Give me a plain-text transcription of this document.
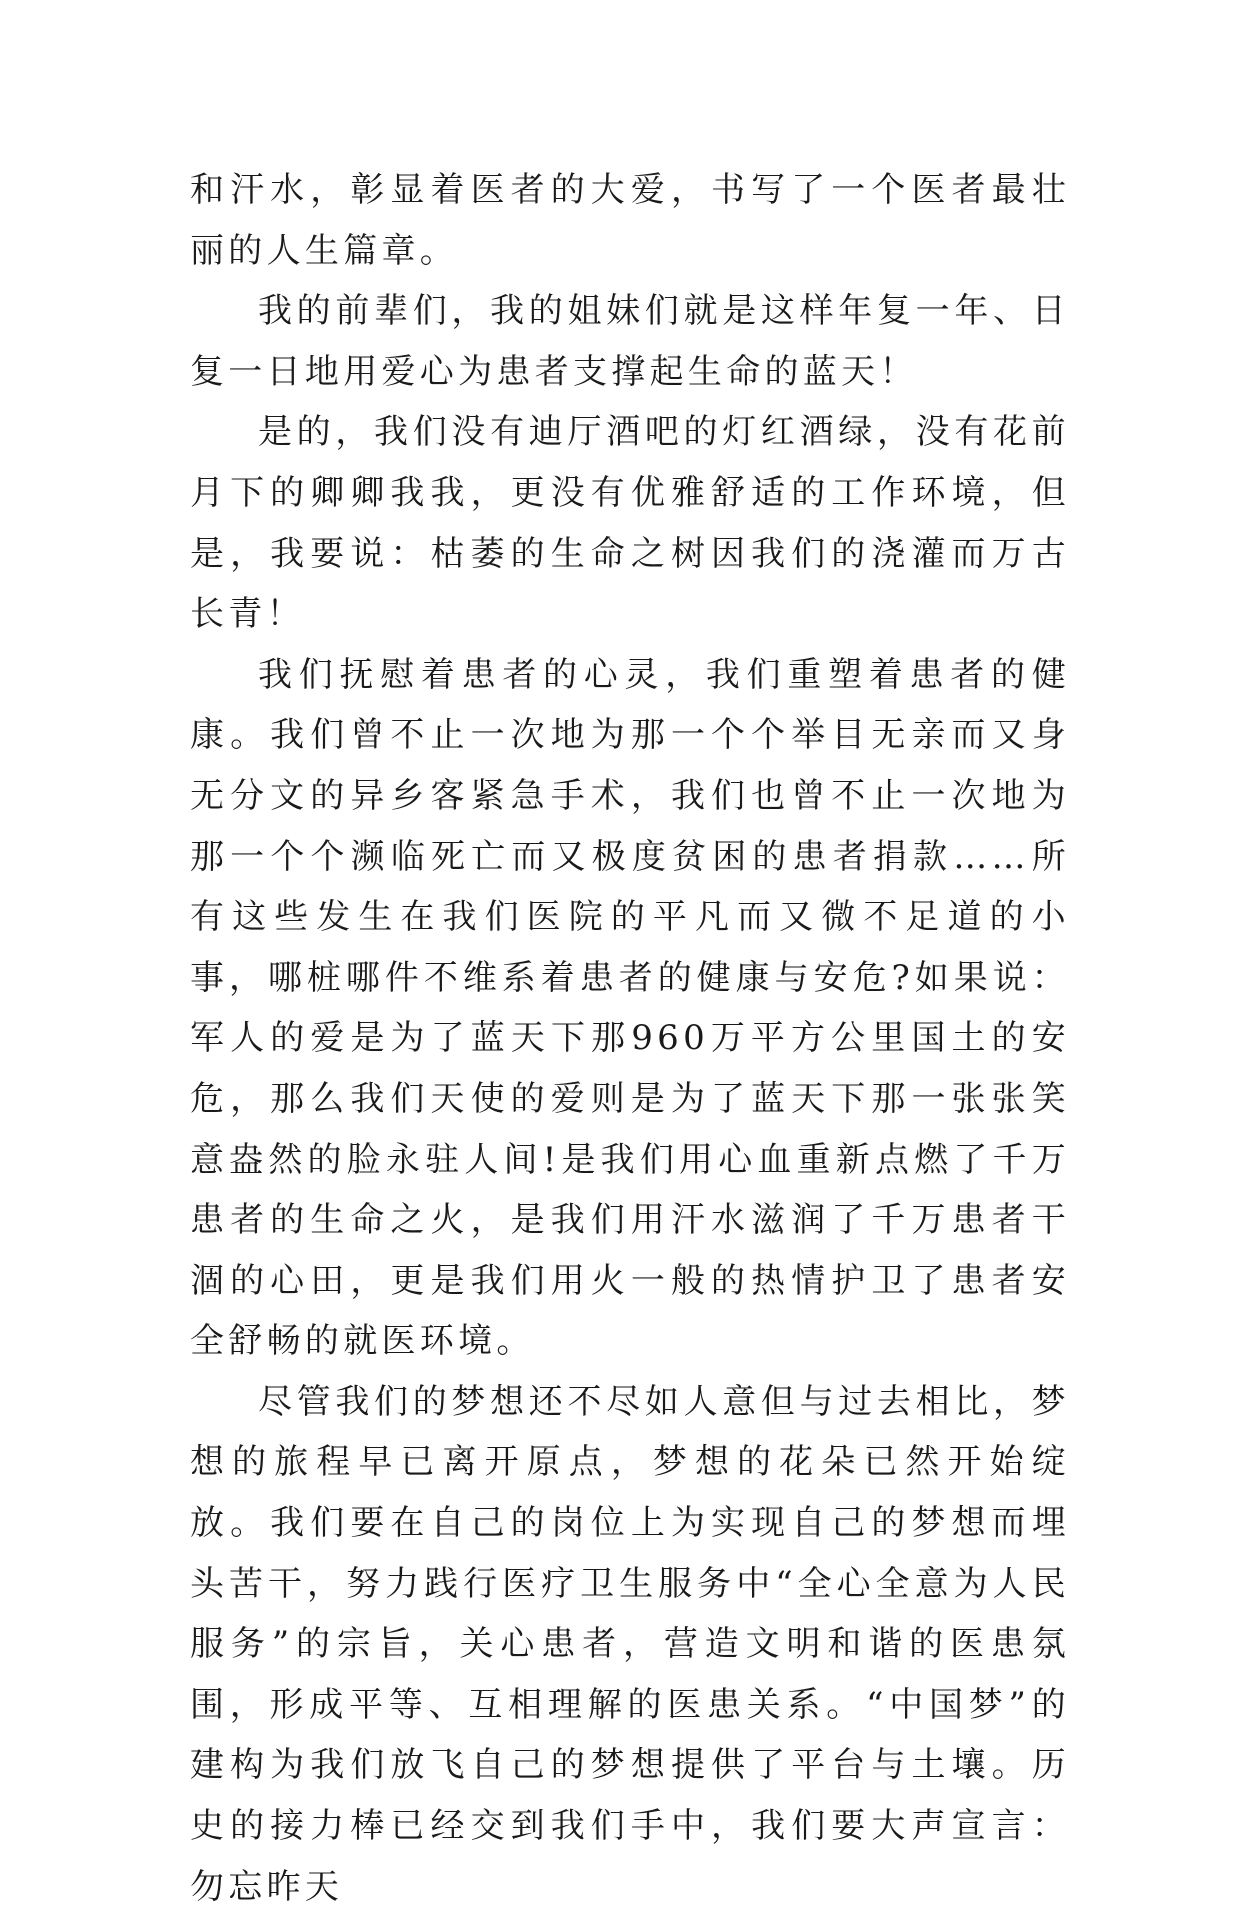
和汗水，彰显着医者的大爱，书写了一个医者最壮丽的人生篇章。

我的前辈们，我的姐妹们就是这样年复一年、日复一日地用爱心为患者支撑起生命的蓝天！

是的，我们没有迪厅酒吧的灯红酒绿，没有花前月下的卿卿我我，更没有优雅舒适的工作环境，但是，我要说：枯萎的生命之树因我们的浇灌而万古长青！

我们抚慰着患者的心灵，我们重塑着患者的健康。我们曾不止一次地为那一个个举目无亲而又身无分文的异乡客紧急手术，我们也曾不止一次地为那一个个濒临死亡而又极度贫困的患者捐款……所有这些发生在我们医院的平凡而又微不足道的小事，哪桩哪件不维系着患者的健康与安危?如果说：军人的爱是为了蓝天下那960万平方公里国土的安危，那么我们天使的爱则是为了蓝天下那一张张笑意盎然的脸永驻人间!是我们用心血重新点燃了千万患者的生命之火，是我们用汗水滋润了千万患者干涸的心田，更是我们用火一般的热情护卫了患者安全舒畅的就医环境。

尽管我们的梦想还不尽如人意但与过去相比，梦想的旅程早已离开原点，梦想的花朵已然开始绽放。我们要在自己的岗位上为实现自己的梦想而埋头苦干，努力践行医疗卫生服务中“全心全意为人民服务”的宗旨，关心患者，营造文明和谐的医患氛围，形成平等、互相理解的医患关系。“中国梦”的建构为我们放飞自己的梦想提供了平台与土壤。历史的接力棒已经交到我们手中，我们要大声宣言：勿忘昨天
